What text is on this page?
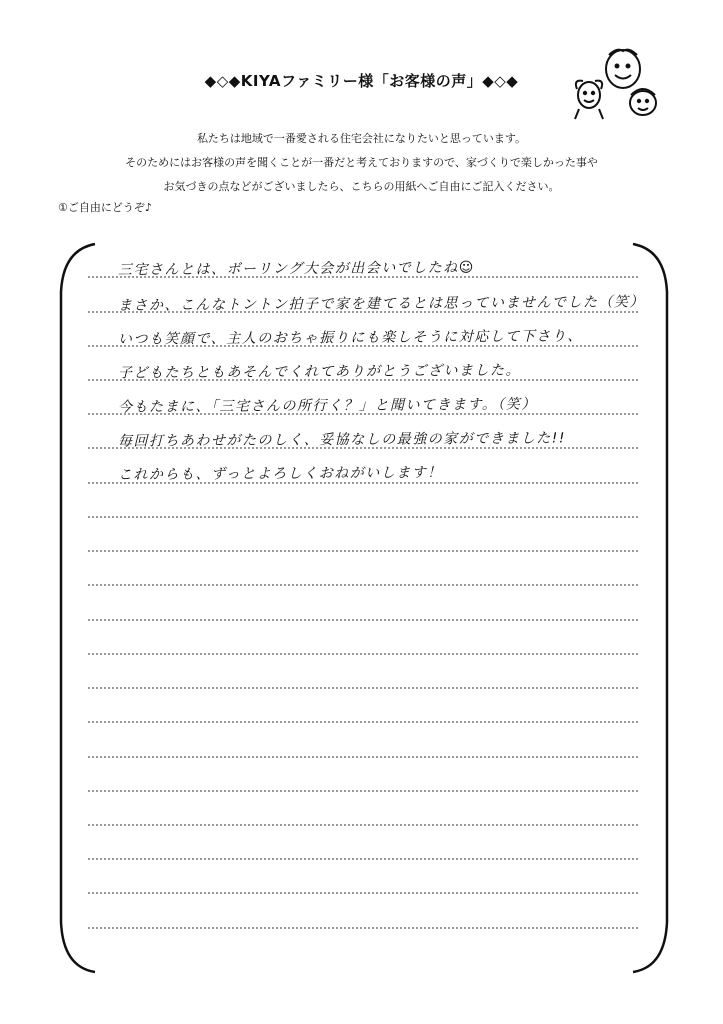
◆◇◆KIYAファミリー様「お客様の声」◆◇◆
私たちは地域で一番愛される住宅会社になりたいと思っています。
そのためにはお客様の声を聞くことが一番だと考えておりますので、家づくりで楽しかった事や
お気づきの点などがございましたら、こちらの用紙へご自由にご記入ください。
①ご自由にどうぞ♪
三宅さんとは、ボーリング大会が出会いでしたね☺
まさか、こんなトントン拍子で家を建てるとは思っていませんでした（笑）
いつも笑顔で、主人のおちゃ振りにも楽しそうに対応して下さり、
子どもたちともあそんでくれてありがとうございました。
今もたまに、「三宅さんの所行く？」と聞いてきます。（笑）
毎回打ちあわせがたのしく、妥協なしの最強の家ができました!!
これからも、ずっとよろしくおねがいします！
